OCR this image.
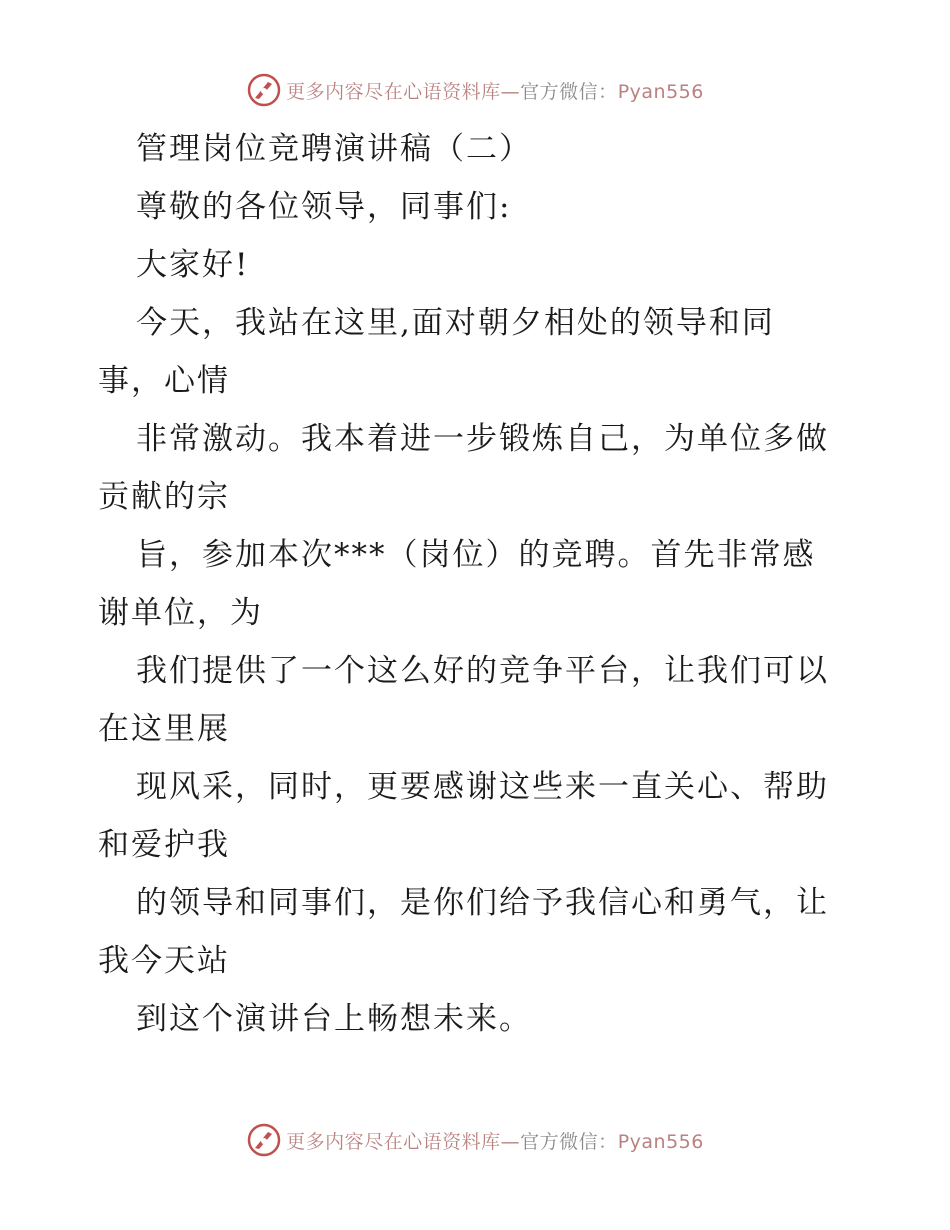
更多内容尽在心语资料库—官方微信：Pyan556
管理岗位竞聘演讲稿（二）
尊敬的各位领导，同事们:
大家好!
今天，我站在这里,面对朝夕相处的领导和同
事，心情
非常激动。我本着进一步锻炼自己，为单位多做
贡献的宗
旨，参加本次***（岗位）的竞聘。首先非常感
谢单位，为
我们提供了一个这么好的竞争平台，让我们可以
在这里展
现风采，同时，更要感谢这些来一直关心、帮助
和爱护我
的领导和同事们，是你们给予我信心和勇气，让
我今天站
到这个演讲台上畅想未来。
更多内容尽在心语资料库—官方微信：Pyan556
